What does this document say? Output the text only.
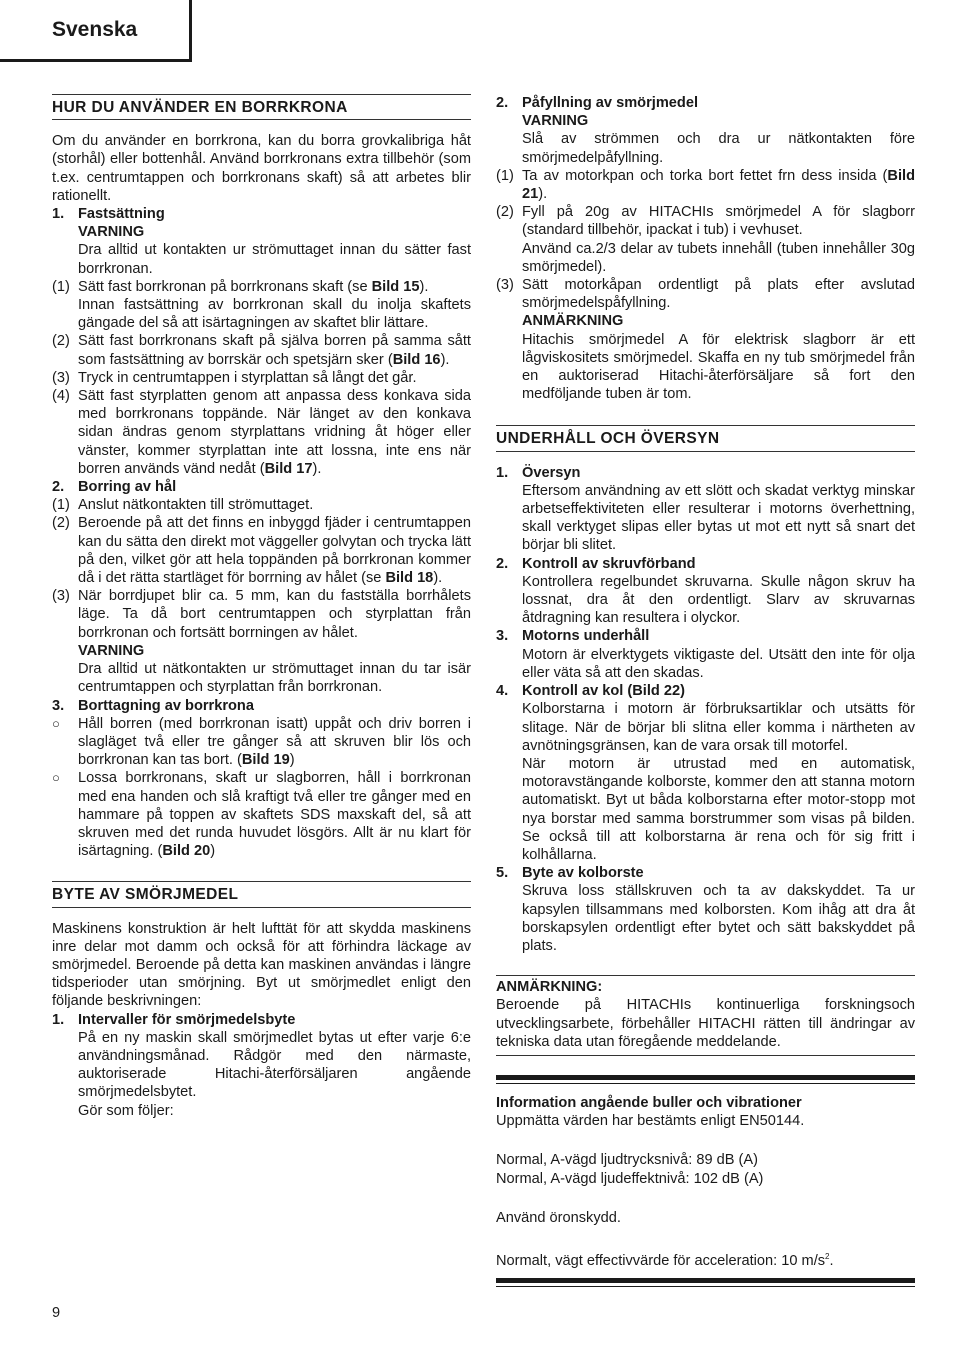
Svenska
HUR DU ANVÄNDER EN BORRKRONA

Om du använder en borrkrona, kan du borra grovkalibriga håt (storhål) eller bottenhål. Använd borrkronans extra tillbehör (som t.ex. centrumtappen och borrkronans skaft) så att arbetes blir rationellt.

1. Fastsättning
VARNING
Dra alltid ut kontakten ur strömuttaget innan du sätter fast borrkronan.
(1) Sätt fast borrkronan på borrkronans skaft (se Bild 15).
Innan fastsättning av borrkronan skall du inolja skaftets gängade del så att isärtagningen av skaftet blir lättare.
(2) Sätt fast borrkronans skaft på själva borren på samma sått som fastsättning av borrskär och spetsjärn sker (Bild 16).
(3) Tryck in centrumtappen i styrplattan så långt det går.
(4) Sätt fast styrplatten genom att anpassa dess konkava sida med borrkronans toppände. När länget av den konkava sidan ändras genom styrplattans vridning åt höger eller vänster, kommer styrplattan inte att lossna, inte ens när borren används vänd nedåt (Bild 17).
2. Borring av hål
(1) Anslut nätkontakten till strömuttaget.
(2) Beroende på att det finns en inbyggd fjäder i centrumtappen kan du sätta den direkt mot väggeller golvytan och trycka lätt på den, vilket gör att hela toppänden på borrkronan kommer då i det rätta startläget för borrning av hålet (se Bild 18).
(3) När borrdjupet blir ca. 5 mm, kan du fastställa borrhålets läge. Ta då bort centrumtappen och styrplattan från borrkronan och fortsätt borrningen av hålet.
VARNING
Dra alltid ut nätkontakten ur strömuttaget innan du tar isär centrumtappen och styrplattan från borrkronan.
3. Borttagning av borrkrona
○	Håll borren (med borrkronan isatt) uppåt och driv borren i slagläget två eller tre gånger så att skruven blir lös och borrkronan kan tas bort. (Bild 19)
○	Lossa borrkronans, skaft ur slagborren, håll i borrkronan med ena handen och slå kraftigt två eller tre gånger med en hammare på toppen av skaftets SDS maxskaft del, så att skruven med det runda huvudet lösgörs. Allt är nu klart för isärtagning. (Bild 20)
BYTE AV SMÖRJMEDEL

Maskinens konstruktion är helt lufttät för att skydda maskinens inre delar mot damm och också för att förhindra läckage av smörjmedel. Beroende på detta kan maskinen användas i längre tidsperioder utan smörjning. Byt ut smörjmedlet enligt den följande beskrivningen:

1. Intervaller för smörjmedelsbyte
På en ny maskin skall smörjmedlet bytas ut efter varje 6:e användningsmånad. Rådgör med den närmaste, auktoriserade Hitachi-återförsäljaren angående smörjmedelsbytet.
Gör som följer:
2. Påfyllning av smörjmedel
VARNING
Slå av strömmen och dra ur nätkontakten före smörjmedelpåfyllning.
(1) Ta av motorkpan och torka bort fettet frn dess insida (Bild 21).
(2) Fyll på 20g av HITACHIs smörjmedel A för slagborr (standard tillbehör, ipackat i tub) i vevhuset.
Använd ca.2/3 delar av tubets innehåll (tuben innehåller 30g smörjmedel).
(3) Sätt motorkåpan ordentligt på plats efter avslutad smörjmedelspåfyllning.
ANMÄRKNING
Hitachis smörjmedel A för elektrisk slagborr är ett lågviskositets smörjmedel. Skaffa en ny tub smörjmedel från en auktoriserad Hitachi-återförsäljare så fort den medföljande tuben är tom.
UNDERHÅLL OCH ÖVERSYN
1. Översyn
Eftersom användning av ett slött och skadat verktyg minskar arbetseffektiviteten eller resulterar i motorns överhettning, skall verktyget slipas eller bytas ut mot ett nytt så snart det börjar bli slitet.
2. Kontroll av skruvförband
Kontrollera regelbundet skruvarna. Skulle någon skruv ha lossnat, dra åt den ordentligt. Slarv av skruvarnas åtdragning kan resultera i olyckor.
3. Motorns underhåll
Motorn är elverktygets viktigaste del. Utsätt den inte för olja eller väta så att den skadas.
4. Kontroll av kol (Bild 22)
Kolborstarna i motorn är förbruksartiklar och utsätts för slitage. När de börjar bli slitna eller komma i närtheten av avnötningsgränsen, kan de vara orsak till motorfel.
När motorn är utrustad med en automatisk, motoravstängande kolborste, kommer den att stanna motorn automatiskt. Byt ut båda kolborstarna efter motor-stopp mot nya borstar med samma borstrummer som visas på bilden. Se också till att kolborstarna är rena och för sig fritt i kolhållarna.
5. Byte av kolborste
Skruva loss ställskruven och ta av dakskyddet. Ta ur kapsylen tillsammans med kolborsten. Kom ihåg att dra åt borskapsylen ordentligt efter bytet och sätt bakskyddet på plats.
ANMÄRKNING:
Beroende på HITACHIs kontinuerliga forskningsoch utvecklingsarbete, förbehåller HITACHI rätten till ändringar av tekniska data utan föregående meddelande.
Information angående buller och vibrationer
Uppmätta värden har bestämts enligt EN50144.
Normal, A-vägd ljudtrycksnivå: 89 dB (A)
Normal, A-vägd ljudeffektnivå: 102 dB (A)
Använd öronskydd.
Normalt, vägt effectivvärde för acceleration: 10 $m/s^2$.
9
